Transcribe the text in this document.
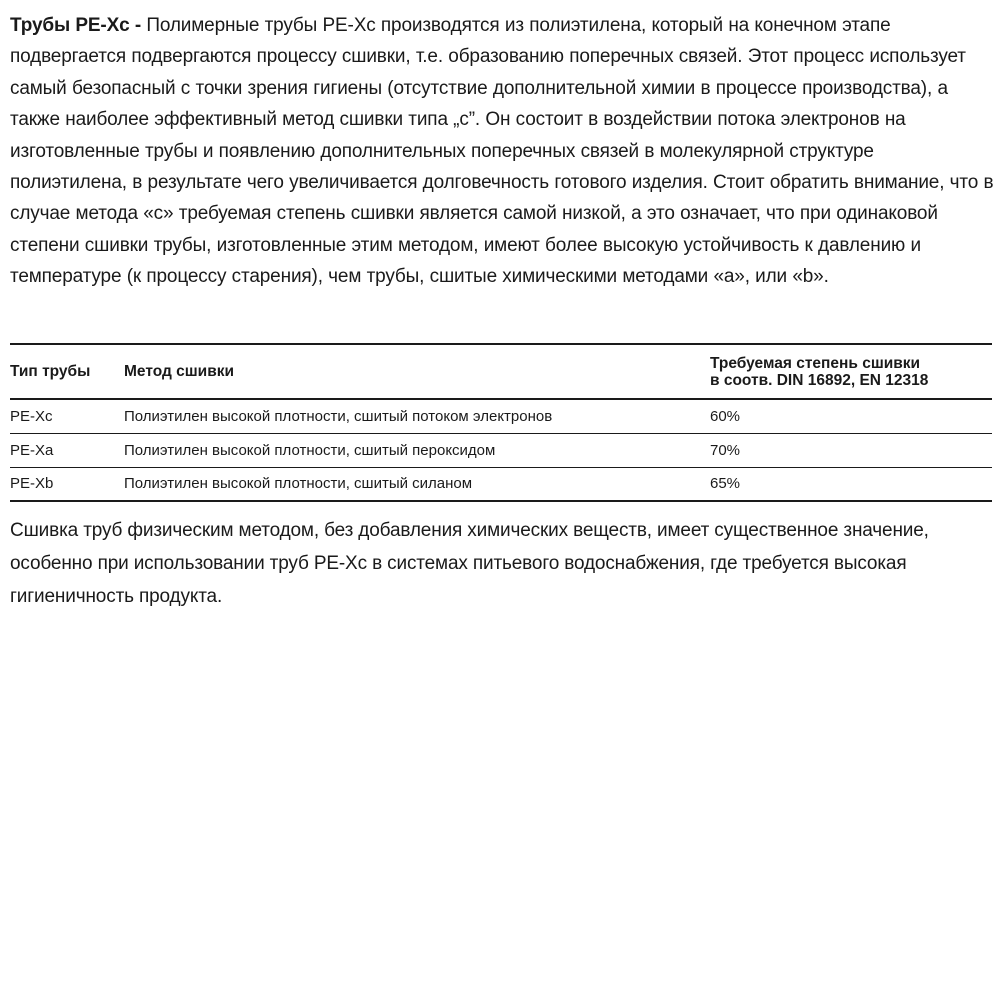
Трубы PE-Xc - Полимерные трубы PE-Xc производятся из полиэтилена, который на конечном этапе подвергается подвергаются процессу сшивки, т.е. образованию поперечных связей. Этот процесс использует самый безопасный с точки зрения гигиены (отсутствие дополнительной химии в процессе производства), а также наиболее эффективный метод сшивки типа „c”. Он состоит в воздействии потока электронов на изготовленные трубы и появлению дополнительных поперечных связей в молекулярной структуре полиэтилена, в результате чего увеличивается долговечность готового изделия. Стоит обратить внимание, что в случае метода «c» требуемая степень сшивки является самой низкой, а это означает, что при одинаковой степени сшивки трубы, изготовленные этим методом, имеют более высокую устойчивость к давлению и температуре (к процессу старения), чем трубы, сшитые химическими методами «a», или «b».

Тип трубы	Метод сшивки	Требуемая степень сшивки
в соотв. DIN 16892, EN 12318
PE-Xc	Полиэтилен высокой плотности, сшитый потоком электронов	60%
PE-Xa	Полиэтилен высокой плотности, сшитый пероксидом	70%
PE-Xb	Полиэтилен высокой плотности, сшитый силаном	65%

Сшивка труб физическим методом, без добавления химических веществ, имеет существенное значение, особенно при использовании труб PE-Xc в системах питьевого водоснабжения, где требуется высокая гигиеничность продукта.
